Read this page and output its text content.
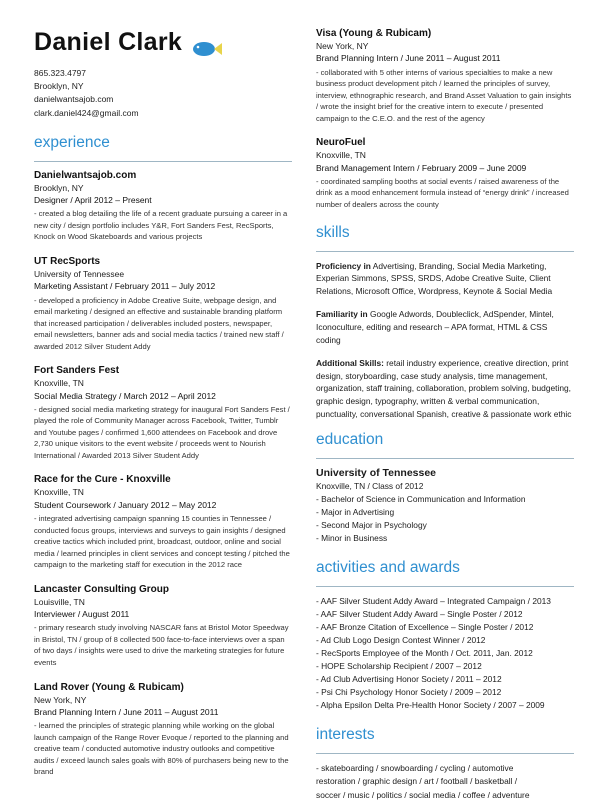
Daniel Clark
865.323.4797
Brooklyn, NY
danielwantsajob.com
clark.daniel424@gmail.com
experience
Danielwantsajob.com
Brooklyn, NY
Designer / April 2012 – Present
- created a blog detailing the life of a recent graduate pursuing a career in a new city / design portfolio includes Y&R, Fort Sanders Fest, RecSports, Knock on Wood Skateboards and various projects
UT RecSports
University of Tennessee
Marketing Assistant / February 2011 – July 2012
- developed a proficiency in Adobe Creative Suite, webpage design, and email marketing / designed an effective and sustainable branding platform that increased participation / deliverables included posters, newspaper, email newsletters, banner ads and social media tactics / trained new staff / awarded 2012 Silver Student Addy
Fort Sanders Fest
Knoxville, TN
Social Media Strategy / March 2012 – April 2012
- designed social media marketing strategy for inaugural Fort Sanders Fest / played the role of Community Manager across Facebook, Twitter, Tumblr and Youtube pages / confirmed 1,600 attendees on Facebook and drove 2,730 unique visitors to the event website / proceeds went to Nourish International / Awarded 2013 Silver Student Addy
Race for the Cure - Knoxville
Knoxville, TN
Student Coursework / January 2012 – May 2012
- integrated advertising campaign spanning 15 counties in Tennessee / conducted focus groups, interviews and surveys to gain insights / designed creative tactics which included print, broadcast, outdoor, online and social media / learned principles in client services and concept testing / pitched the campaign to the marketing staff for execution in the 2012 race
Lancaster Consulting Group
Louisville, TN
Interviewer / August 2011
- primary research study involving NASCAR fans at Bristol Motor Speedway in Bristol, TN / group of 8 collected 500 face-to-face interviews over a span of two days / insights were used to drive the marketing strategies for future events
Land Rover (Young & Rubicam)
New York, NY
Brand Planning Intern / June 2011 – August 2011
- learned the principles of strategic planning while working on the global launch campaign of the Range Rover Evoque / reported to the planning and creative team / conducted automotive industry outlooks and competitive audits / exceed launch sales goals with 80% of purchasers being new to the brand
Visa (Young & Rubicam)
New York, NY
Brand Planning Intern / June 2011 – August 2011
- collaborated with 5 other interns of various specialties to make a new business product development pitch / learned the principles of survey, interview, ethnographic research, and Brand Asset Valuation to gain insights / wrote the insight brief for the creative intern to execute / presented campaign to the C.E.O. and the rest of the agency
NeuroFuel
Knoxville, TN
Brand Management Intern / February 2009 – June 2009
- coordinated sampling booths at social events / raised awareness of the drink as a mood enhancement formula instead of “energy drink” / increased number of dealers across the county
skills
Proficiency in Advertising, Branding, Social Media Marketing, Experian Simmons, SPSS, SRDS, Adobe Creative Suite, Client Relations, Microsoft Office, Wordpress, Keynote & Social Media
Familiarity in Google Adwords, Doubleclick, AdSpender, Mintel, Iconoculture, editing and research – APA format, HTML & CSS coding
Additional Skills: retail industry experience, creative direction, print design, storyboarding, case study analysis, time management, organization, staff training, collaboration, problem solving, budgeting, graphic design, typography, written & verbal communication, punctuality, conversational Spanish, creative & passionate work ethic
education
University of Tennessee
Knoxville, TN / Class of 2012
- Bachelor of Science in Communication and Information
- Major in Advertising
- Second Major in Psychology
- Minor in Business
activities and awards
- AAF Silver Student Addy Award – Integrated Campaign / 2013
- AAF Silver Student Addy Award – Single Poster / 2012
- AAF Bronze Citation of Excellence – Single Poster / 2012
- Ad Club Logo Design Contest Winner / 2012
- RecSports Employee of the Month / Oct. 2011, Jan. 2012
- HOPE Scholarship Recipient / 2007 – 2012
- Ad Club Advertising Honor Society / 2011 – 2012
- Psi Chi Psychology Honor Society / 2009 – 2012
- Alpha Epsilon Delta Pre-Health Honor Society / 2007 – 2009
interests
- skateboarding / snowboarding / cycling / automotive
restoration / graphic design / art / football / basketball /
soccer / music / politics / social media / coffee / adventure
